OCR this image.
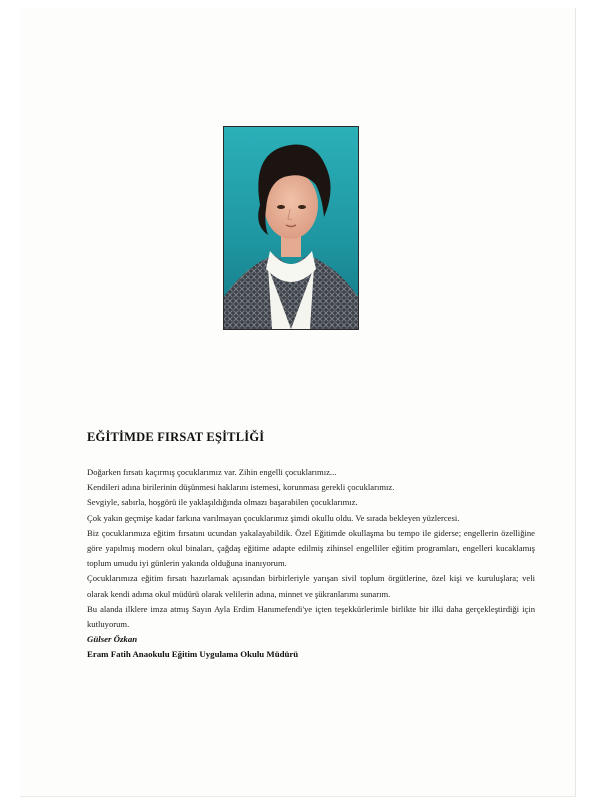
EĞİTİMDE FIRSAT EŞİTLİĞİ

Doğarken fırsatı kaçırmış çocuklarımız var. Zihin engelli çocuklarımız...

Kendileri adına birilerinin düşünmesi haklarını istemesi, korunması gerekli çocuklarımız.

Sevgiyle, sabırla, hoşgörü ile yaklaşıldığında olmazı başarabilen çocuklarımız.

Çok yakın geçmişe kadar farkına varılmayan çocuklarımız şimdi okullu oldu. Ve sırada bekleyen yüzlercesi.

Biz çocuklarımıza eğitim fırsatını ucundan yakalayabildik. Özel Eğitimde okullaşma bu tempo ile giderse; engellerin özelliğine göre yapılmış modern okul binaları, çağdaş eğitime adapte edilmiş zihinsel engelliler eğitim programları, engelleri kucaklamış toplum umudu iyi günlerin yakında olduğuna inanıyorum.

Çocuklarımıza eğitim fırsatı hazırlamak açısından birbirleriyle yarışan sivil toplum örgütlerine, özel kişi ve kuruluşlara; veli olarak kendi adıma okul müdürü olarak velilerin adına, minnet ve şükranlarımı sunarım.

Bu alanda ilklere imza atmış Sayın Ayla Erdim Hanımefendi'ye içten teşekkürlerimle birlikte bir ilki daha gerçekleştirdiği için kutluyorum.

Gülser Özkan

Eram Fatih Anaokulu Eğitim Uygulama Okulu Müdürü
